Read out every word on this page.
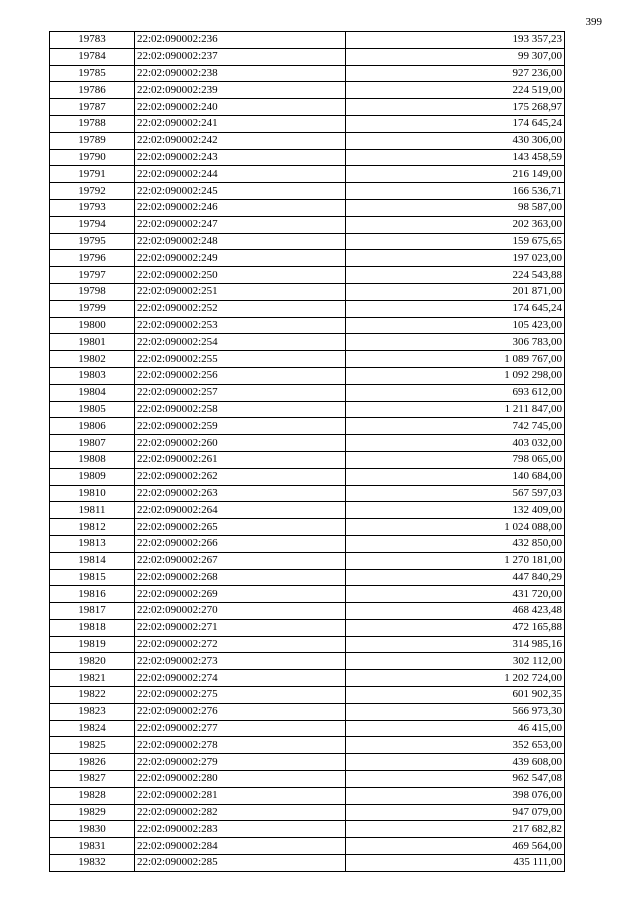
399
19783	22:02:090002:236	193 357,23
19784	22:02:090002:237	99 307,00
19785	22:02:090002:238	927 236,00
19786	22:02:090002:239	224 519,00
19787	22:02:090002:240	175 268,97
19788	22:02:090002:241	174 645,24
19789	22:02:090002:242	430 306,00
19790	22:02:090002:243	143 458,59
19791	22:02:090002:244	216 149,00
19792	22:02:090002:245	166 536,71
19793	22:02:090002:246	98 587,00
19794	22:02:090002:247	202 363,00
19795	22:02:090002:248	159 675,65
19796	22:02:090002:249	197 023,00
19797	22:02:090002:250	224 543,88
19798	22:02:090002:251	201 871,00
19799	22:02:090002:252	174 645,24
19800	22:02:090002:253	105 423,00
19801	22:02:090002:254	306 783,00
19802	22:02:090002:255	1 089 767,00
19803	22:02:090002:256	1 092 298,00
19804	22:02:090002:257	693 612,00
19805	22:02:090002:258	1 211 847,00
19806	22:02:090002:259	742 745,00
19807	22:02:090002:260	403 032,00
19808	22:02:090002:261	798 065,00
19809	22:02:090002:262	140 684,00
19810	22:02:090002:263	567 597,03
19811	22:02:090002:264	132 409,00
19812	22:02:090002:265	1 024 088,00
19813	22:02:090002:266	432 850,00
19814	22:02:090002:267	1 270 181,00
19815	22:02:090002:268	447 840,29
19816	22:02:090002:269	431 720,00
19817	22:02:090002:270	468 423,48
19818	22:02:090002:271	472 165,88
19819	22:02:090002:272	314 985,16
19820	22:02:090002:273	302 112,00
19821	22:02:090002:274	1 202 724,00
19822	22:02:090002:275	601 902,35
19823	22:02:090002:276	566 973,30
19824	22:02:090002:277	46 415,00
19825	22:02:090002:278	352 653,00
19826	22:02:090002:279	439 608,00
19827	22:02:090002:280	962 547,08
19828	22:02:090002:281	398 076,00
19829	22:02:090002:282	947 079,00
19830	22:02:090002:283	217 682,82
19831	22:02:090002:284	469 564,00
19832	22:02:090002:285	435 111,00
